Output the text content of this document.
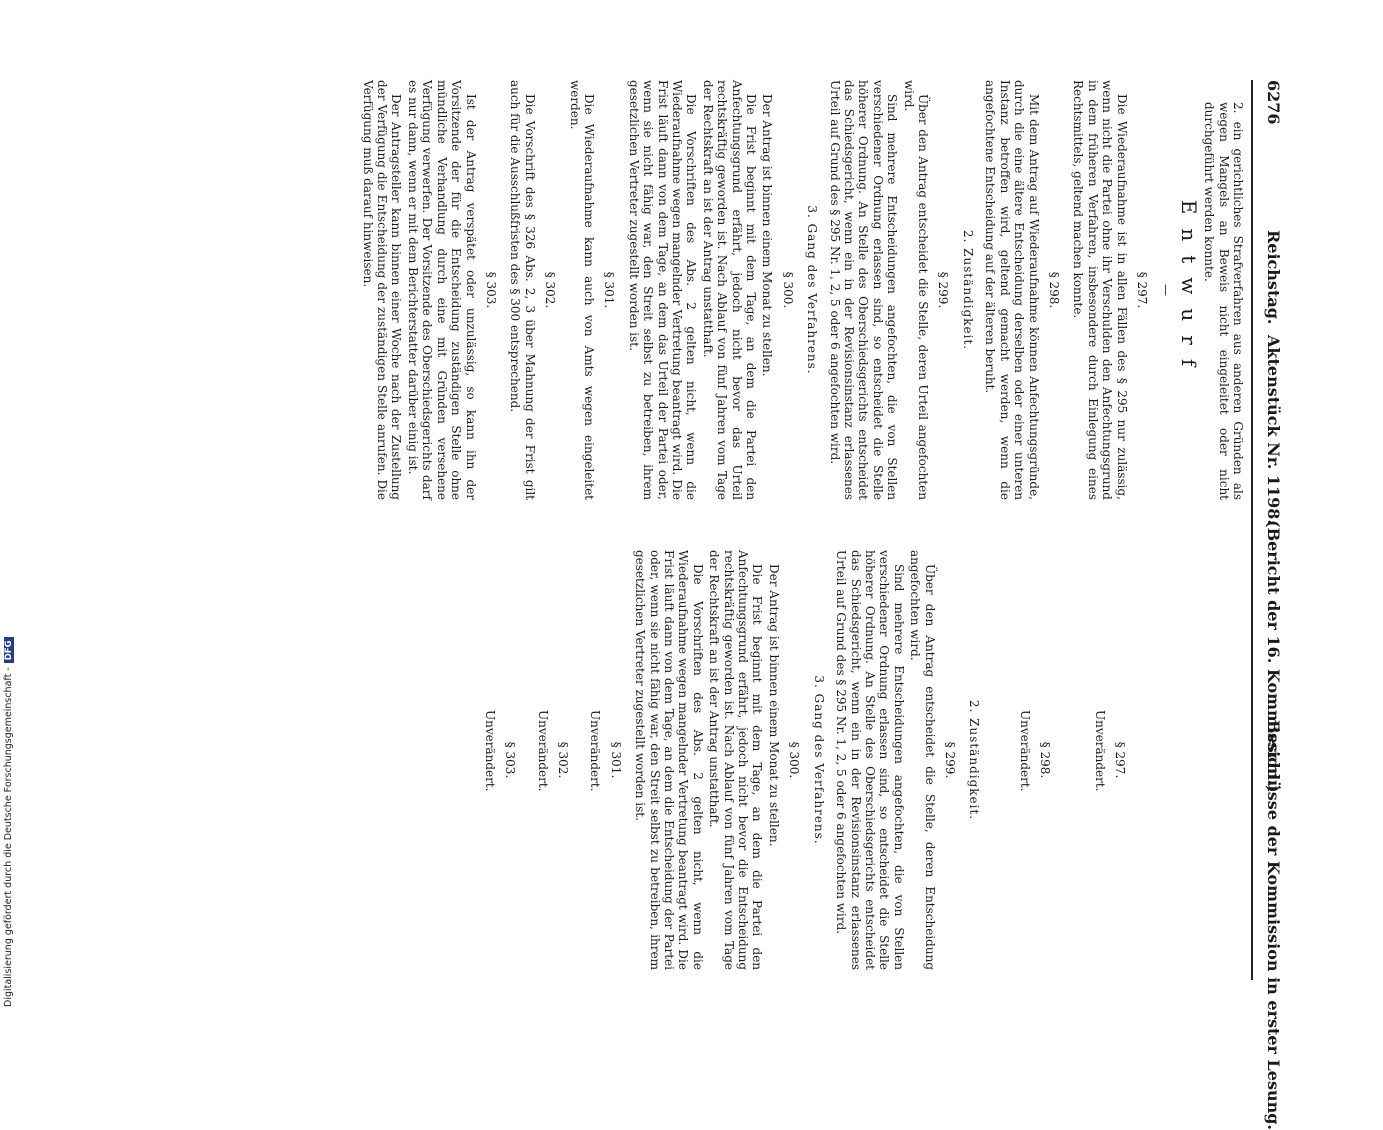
6276
Reichstag.
Aktenstück Nr. 1198.
(Bericht der 16. Kommission.)
Beschlüsse der Kommission in erster Lesung.

2. ein gerichtliches Strafverfahren aus anderen Gründen als wegen Mangels an Beweis nicht eingeleitet oder nicht durchgeführt werden konnte.

Entwurf

—

§ 297.

Die Wiederaufnahme ist in allen Fällen des § 295 nur zulässig, wenn nicht die Partei ohne ihr Verschulden den Anfechtungsgrund in dem früheren Verfahren, insbesondere durch Einlegung eines Rechtsmittels, geltend machen konnte.

§ 298.

Mit dem Antrag auf Wiederaufnahme können Anfechtungsgründe, durch die eine ältere Entscheidung derselben oder einer unteren Instanz betroffen wird, geltend gemacht werden, wenn die angefochtene Entscheidung auf der älteren beruht.

2. Zuständigkeit.

§ 299.

Über den Antrag entscheidet die Stelle, deren Urteil angefochten wird.

Sind mehrere Entscheidungen angefochten, die von Stellen verschiedener Ordnung erlassen sind, so entscheidet die Stelle höherer Ordnung. An Stelle des Oberschiedsgerichts entscheidet das Schiedsgericht, wenn ein in der Revisionsinstanz erlassenes Urteil auf Grund des § 295 Nr. 1, 2, 5 oder 6 angefochten wird.

3. Gang des Verfahrens.

§ 300.

Der Antrag ist binnen einem Monat zu stellen.

Die Frist beginnt mit dem Tage, an dem die Partei den Anfechtungsgrund erfährt, jedoch nicht bevor das Urteil rechtskräftig geworden ist. Nach Ablauf von fünf Jahren vom Tage der Rechtskraft an ist der Antrag unstatthaft.

Die Vorschriften des Abs. 2 gelten nicht, wenn die Wiederaufnahme wegen mangelnder Vertretung beantragt wird. Die Frist läuft dann von dem Tage, an dem das Urteil der Partei oder, wenn sie nicht fähig war, den Streit selbst zu betreiben, ihrem gesetzlichen Vertreter zugestellt worden ist.

§ 301.

Die Wiederaufnahme kann auch von Amts wegen eingeleitet werden.

§ 302.

Die Vorschrift des § 326 Abs. 2, 3 über Mahnung der Frist gilt auch für die Ausschlußfristen des § 300 entsprechend.

§ 303.

Ist der Antrag verspätet oder unzulässig, so kann ihn der Vorsitzende der für die Entscheidung zuständigen Stelle ohne mündliche Verhandlung durch eine mit Gründen versehene Verfügung verwerfen. Der Vorsitzende des Oberschiedsgerichts darf es nur dann, wenn er mit dem Berichterstatter darüber einig ist.

Der Antragsteller kann binnen einer Woche nach der Zustellung der Verfügung die Entscheidung der zuständigen Stelle anrufen. Die Verfügung muß darauf hinweisen.

§ 297.

Unverändert.

§ 298.

Unverändert.

2. Zuständigkeit.

§ 299.

Über den Antrag entscheidet die Stelle, deren Entscheidung angefochten wird.

Sind mehrere Entscheidungen angefochten, die von Stellen verschiedener Ordnung erlassen sind, so entscheidet die Stelle höherer Ordnung. An Stelle des Oberschiedsgerichts entscheidet das Schiedsgericht, wenn ein in der Revisionsinstanz erlassenes Urteil auf Grund des § 295 Nr. 1, 2, 5 oder 6 angefochten wird.

3. Gang des Verfahrens.

§ 300.

Der Antrag ist binnen einem Monat zu stellen.

Die Frist beginnt mit dem Tage, an dem die Partei den Anfechtungsgrund erfährt, jedoch nicht bevor die Entscheidung rechtskräftig geworden ist. Nach Ablauf von fünf Jahren vom Tage der Rechtskraft an ist der Antrag unstatthaft.

Die Vorschriften des Abs. 2 gelten nicht, wenn die Wiederaufnahme wegen mangelnder Vertretung beantragt wird. Die Frist läuft dann von dem Tage, an dem die Entscheidung der Partei oder, wenn sie nicht fähig war, den Streit selbst zu betreiben, ihrem gesetzlichen Vertreter zugestellt worden ist.

§ 301.

Unverändert.

§ 302.

Unverändert.

§ 303.

Unverändert.

Digitalisierung gefördert durch die Deutsche Forschungsgemeinschaft -DFG
